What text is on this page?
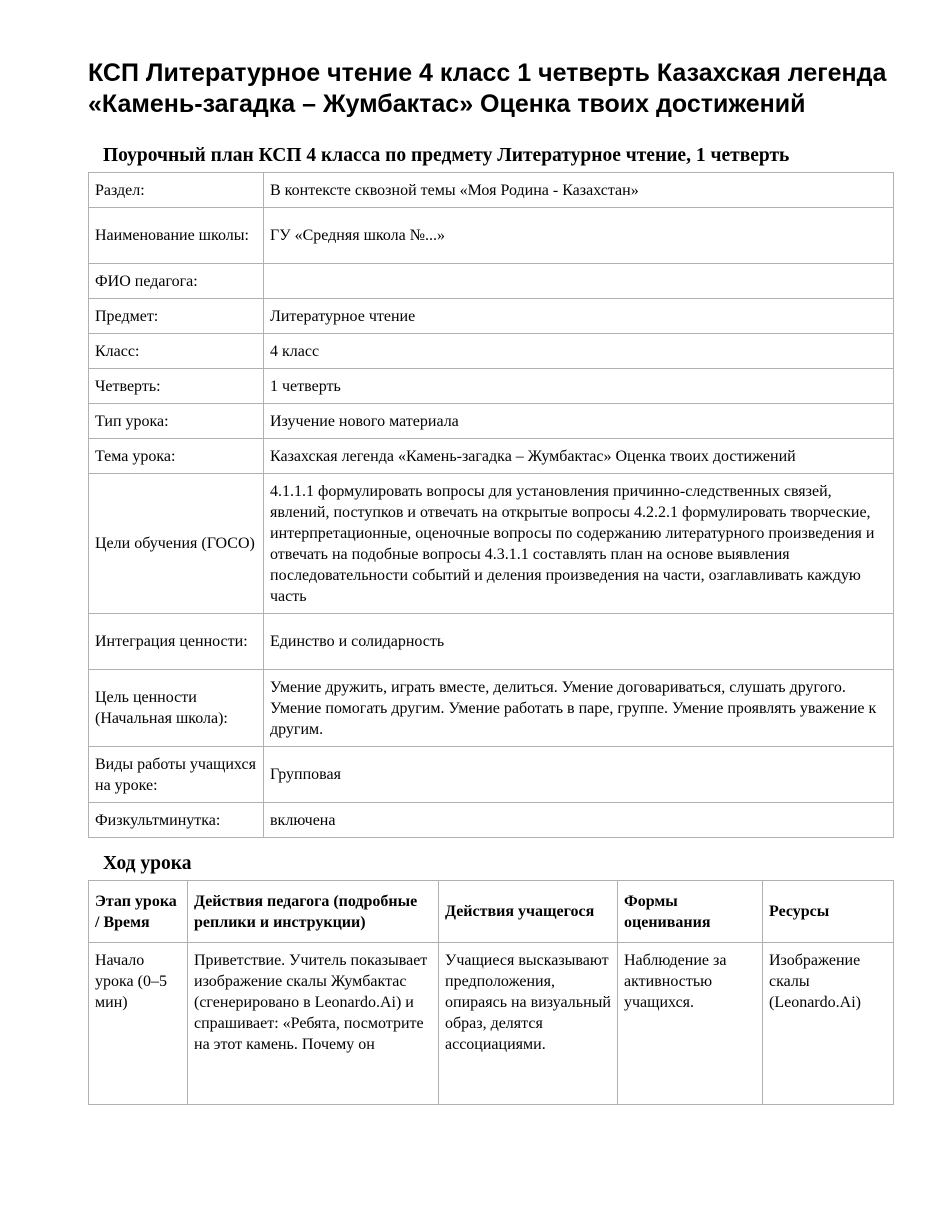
КСП Литературное чтение 4 класс 1 четверть Казахская легенда «Камень-загадка – Жумбактас» Оценка твоих достижений
Поурочный план КСП 4 класса по предмету Литературное чтение, 1 четверть
Раздел:	В контексте сквозной темы «Моя Родина - Казахстан»
Наименование школы:	ГУ «Средняя школа №...»
ФИО педагога:	
Предмет:	Литературное чтение
Класс:	4 класс
Четверть:	1 четверть
Тип урока:	Изучение нового материала
Тема урока:	Казахская легенда «Камень-загадка – Жумбактас» Оценка твоих достижений
Цели обучения (ГОСО)	4.1.1.1 формулировать вопросы для установления причинно-следственных связей, явлений, поступков и отвечать на открытые вопросы 4.2.2.1 формулировать творческие, интерпретационные, оценочные вопросы по содержанию литературного произведения и отвечать на подобные вопросы 4.3.1.1 составлять план на основе выявления последовательности событий и деления произведения на части, озаглавливать каждую часть
Интеграция ценности:	Единство и солидарность
Цель ценности (Начальная школа):	Умение дружить, играть вместе, делиться. Умение договариваться, слушать другого. Умение помогать другим. Умение работать в паре, группе. Умение проявлять уважение к другим.
Виды работы учащихся на уроке:	Групповая
Физкультминутка:	включена
Ход урока
Этап урока / Время	Действия педагога (подробные реплики и инструкции)	Действия учащегося	Формы оценивания	Ресурсы
Начало урока (0–5 мин)	Приветствие. Учитель показывает изображение скалы Жумбактас (сгенерировано в Leonardo.Ai) и спрашивает: «Ребята, посмотрите на этот камень. Почему он	Учащиеся высказывают предположения, опираясь на визуальный образ, делятся ассоциациями.	Наблюдение за активностью учащихся.	Изображение скалы (Leonardo.Ai)
